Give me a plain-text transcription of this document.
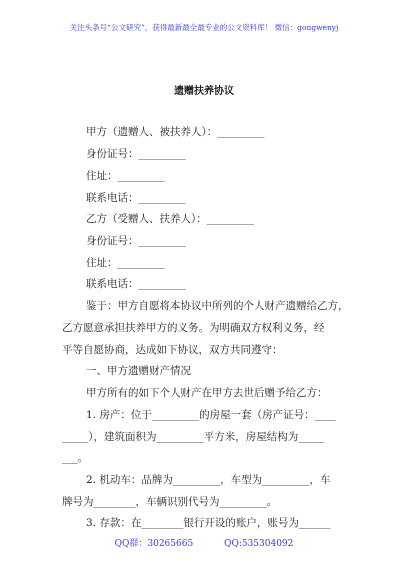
关注头条号“公文研究”，获得最新最全最专业的公文资料库！ 微信：gongwenyj
遗赠扶养协议
甲方（遗赠人、被扶养人）：_________
身份证号：_________
住址：_________
联系电话：_________
乙方（受赠人、扶养人）：_________
身份证号：_________
住址：_________
联系电话：_________
鉴于：甲方自愿将本协议中所列的个人财产遗赠给乙方，
乙方愿意承担扶养甲方的义务。为明确双方权利义务，经
平等自愿协商，达成如下协议，双方共同遵守：
一、甲方遗赠财产情况
甲方所有的如下个人财产在甲方去世后赠予给乙方：
1. 房产：位于_________的房屋一套（房产证号：____
_____），建筑面积为_________平方米，房屋结构为_____
___。
2. 机动车：品牌为_________，车型为_________，车
牌号为________，车辆识别代号为_________。
3. 存款：在________银行开设的账户，账号为______
QQ群：30265665	QQ:535304092
